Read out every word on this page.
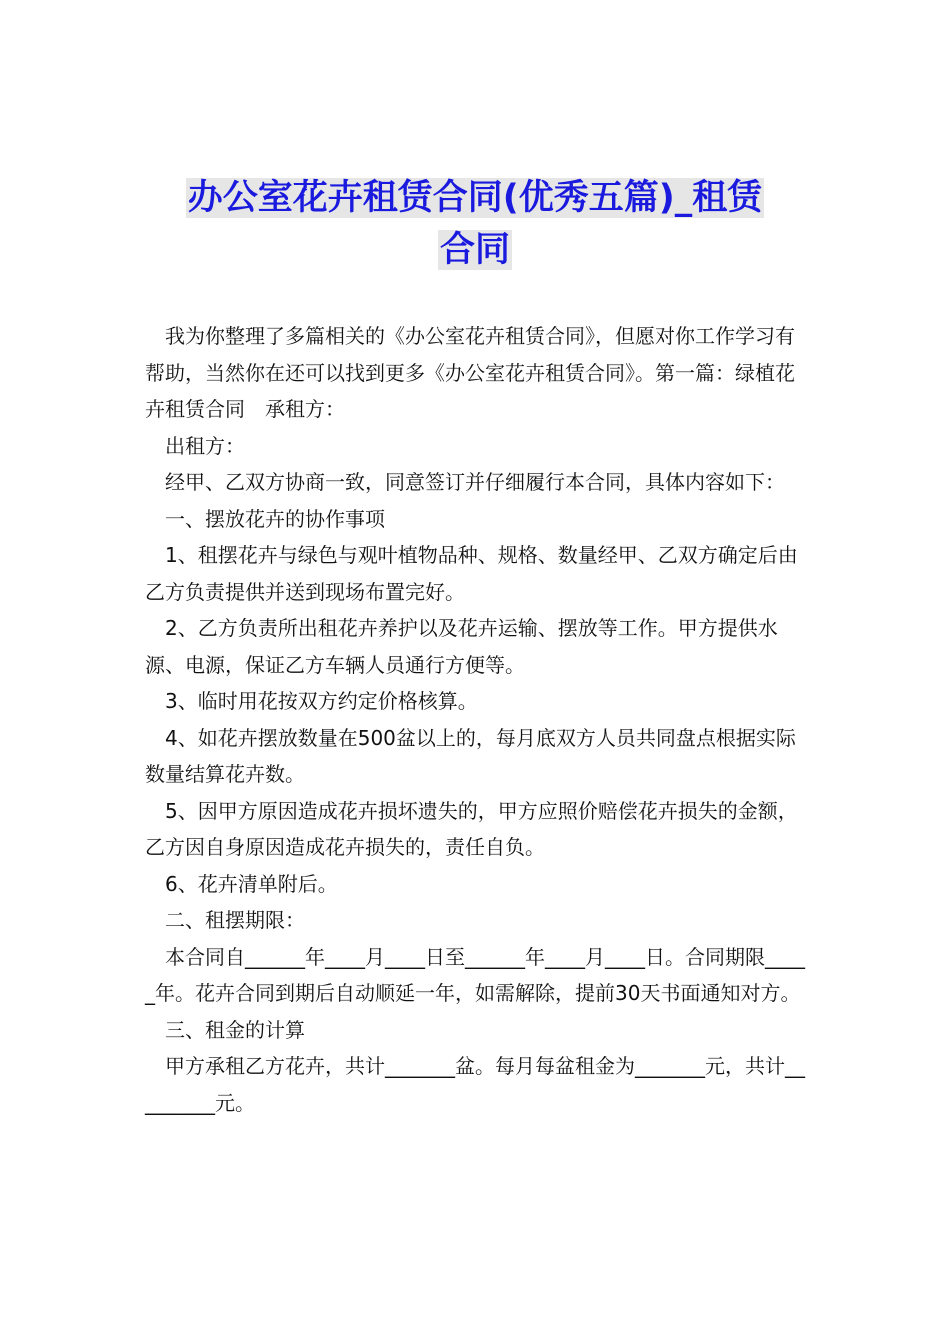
办公室花卉租赁合同(优秀五篇)_租赁
合同

　我为你整理了多篇相关的《办公室花卉租赁合同》，但愿对你工作学习有帮助，当然你在还可以找到更多《办公室花卉租赁合同》。第一篇：绿植花卉租赁合同　承租方：

　出租方：

　经甲、乙双方协商一致，同意签订并仔细履行本合同，具体内容如下：

　一、摆放花卉的协作事项

　1、租摆花卉与绿色与观叶植物品种、规格、数量经甲、乙双方确定后由乙方负责提供并送到现场布置完好。

　2、乙方负责所出租花卉养护以及花卉运输、摆放等工作。甲方提供水源、电源，保证乙方车辆人员通行方便等。

　3、临时用花按双方约定价格核算。

　4、如花卉摆放数量在500盆以上的，每月底双方人员共同盘点根据实际数量结算花卉数。

　5、因甲方原因造成花卉损坏遗失的，甲方应照价赔偿花卉损失的金额，乙方因自身原因造成花卉损失的，责任自负。

　6、花卉清单附后。

　二、租摆期限：

　本合同自______年____月____日至______年____月____日。合同期限_____年。花卉合同到期后自动顺延一年，如需解除，提前30天书面通知对方。

　三、租金的计算

　甲方承租乙方花卉，共计_______盆。每月每盆租金为_______元，共计_________元。
